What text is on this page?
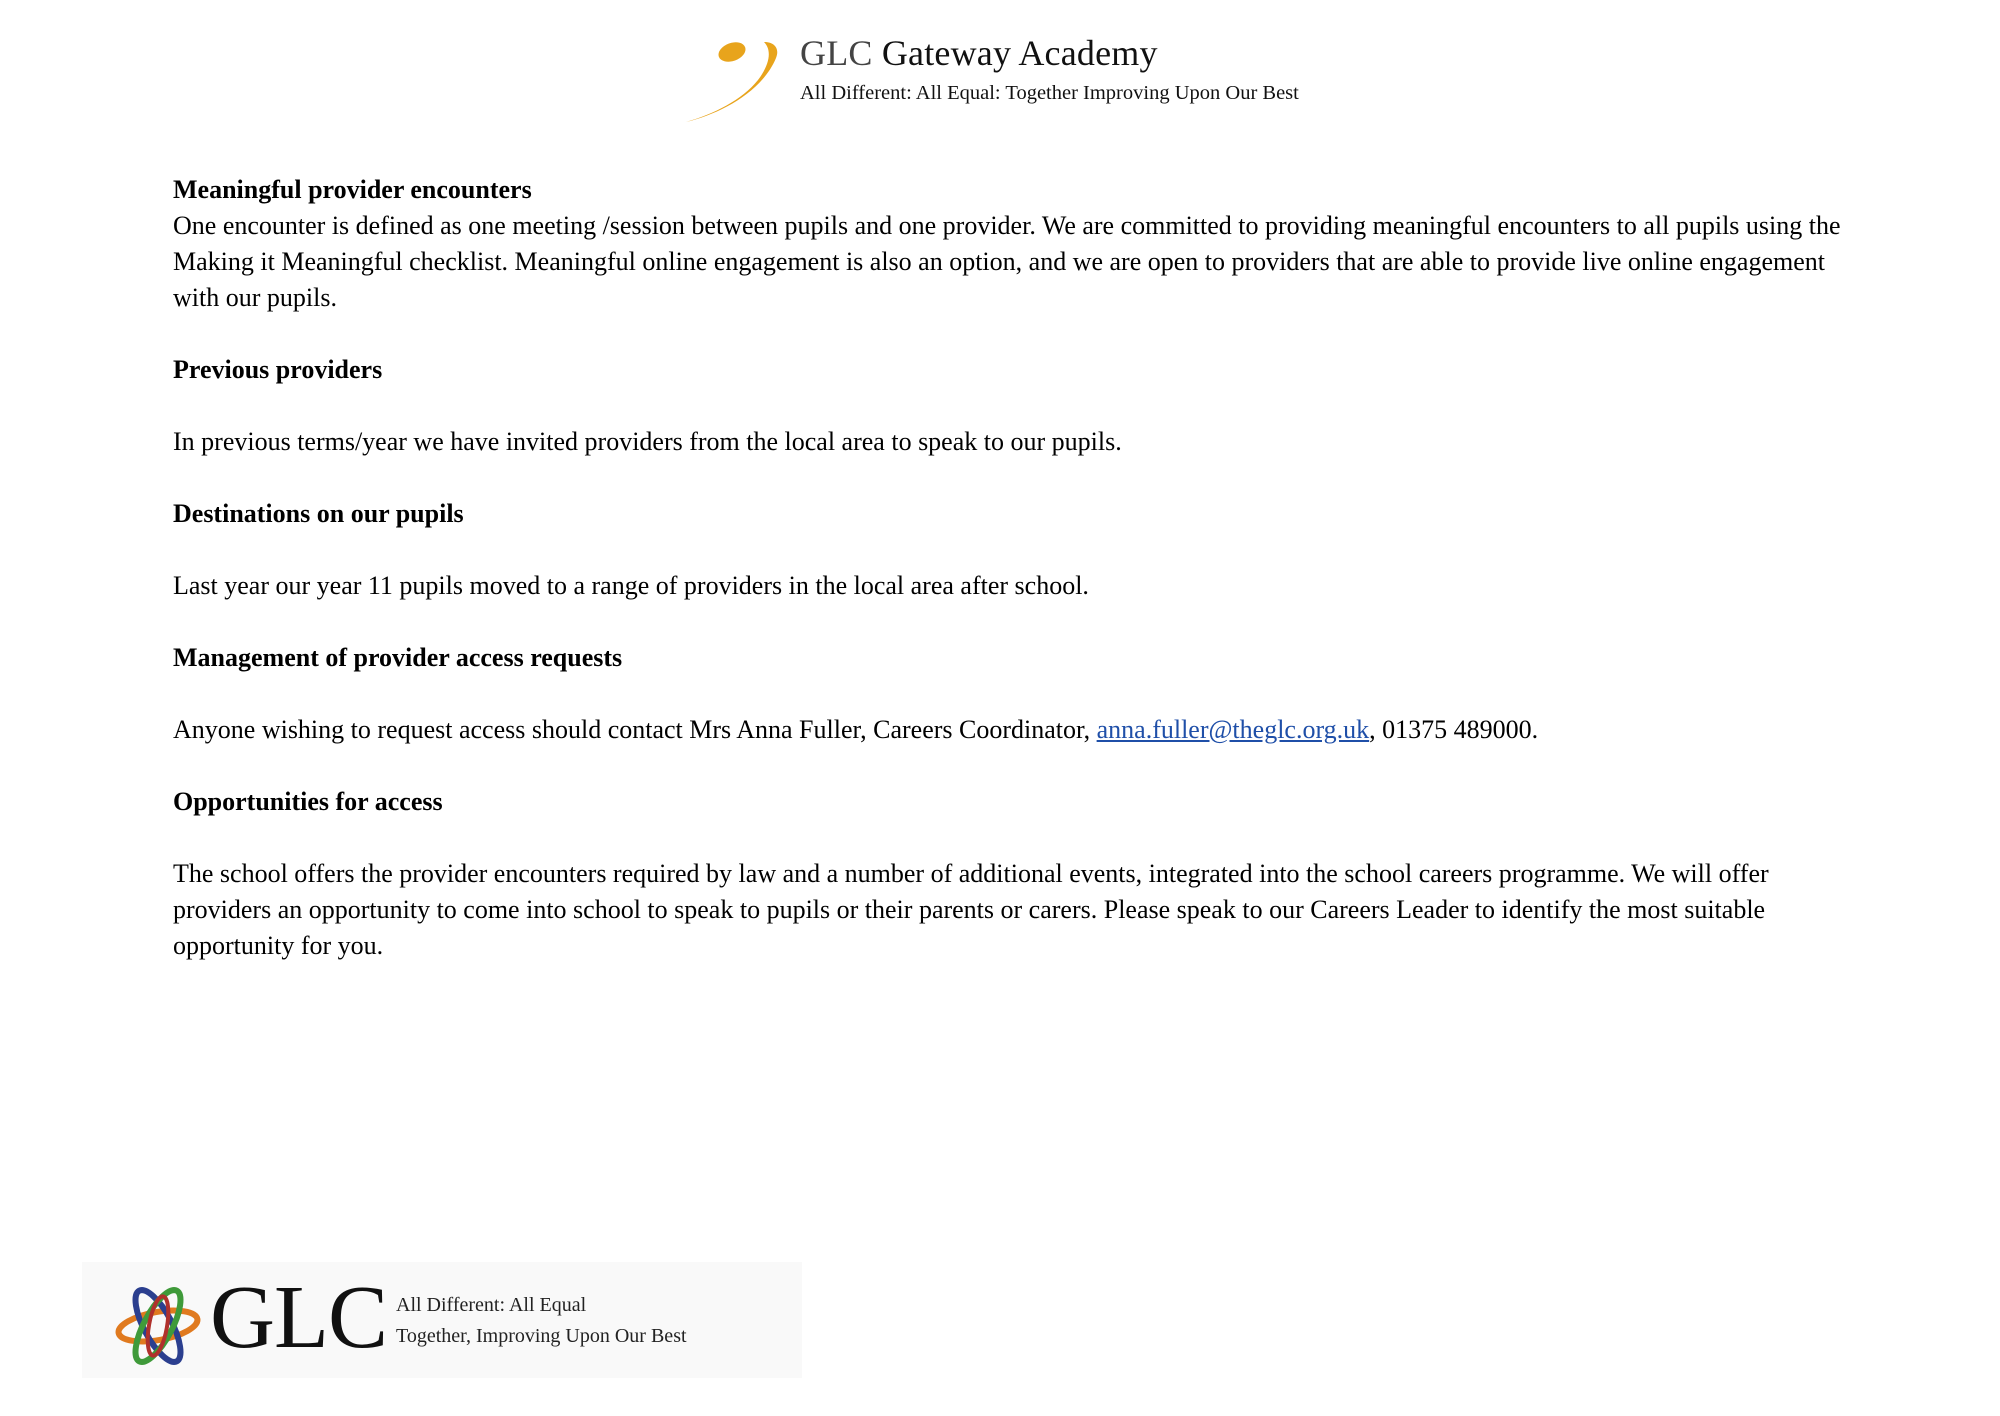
GLC Gateway Academy
All Different: All Equal: Together Improving Upon Our Best
Meaningful provider encounters

One encounter is defined as one meeting /session between pupils and one provider. We are committed to providing meaningful encounters to all pupils using the Making it Meaningful checklist. Meaningful online engagement is also an option, and we are open to providers that are able to provide live online engagement with our pupils.

Previous providers

In previous terms/year we have invited providers from the local area to speak to our pupils.

Destinations on our pupils

Last year our year 11 pupils moved to a range of providers in the local area after school.

Management of provider access requests

Anyone wishing to request access should contact Mrs Anna Fuller, Careers Coordinator, anna.fuller@theglc.org.uk, 01375 489000.

Opportunities for access

The school offers the provider encounters required by law and a number of additional events, integrated into the school careers programme. We will offer providers an opportunity to come into school to speak to pupils or their parents or carers. Please speak to our Careers Leader to identify the most suitable opportunity for you.

GLC All Different: All Equal
Together, Improving Upon Our Best
